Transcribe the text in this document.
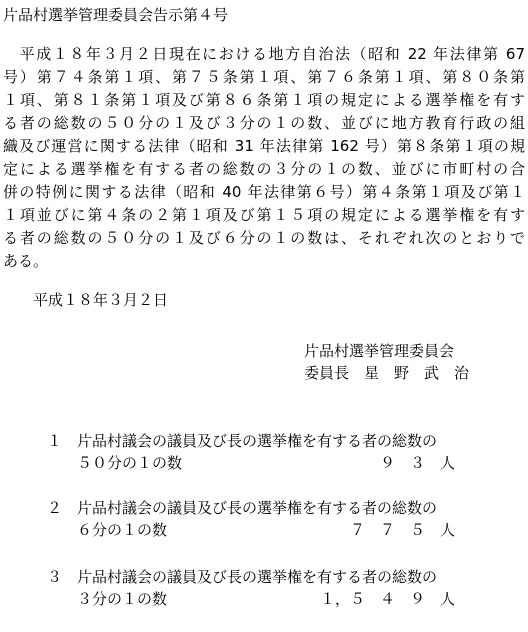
片品村選挙管理委員会告示第４号
　平成１８年３月２日現在における地方自治法（昭和 22 年法律第 67
号）第７４条第１項、第７５条第１項、第７６条第１項、第８０条第
１項、第８１条第１項及び第８６条第１項の規定による選挙権を有す
る者の総数の５０分の１及び３分の１の数、並びに地方教育行政の組
織及び運営に関する法律（昭和 31 年法律第 162 号）第８条第１項の規
定による選挙権を有する者の総数の３分の１の数、並びに市町村の合
併の特例に関する法律（昭和 40 年法律第６号）第４条第１項及び第１
１項並びに第４条の２第１項及び第１５項の規定による選挙権を有す
る者の総数の５０分の１及び６分の１の数は、それぞれ次のとおりで
ある。
平成１８年３月２日
片品村選挙管理委員会
委員長　星　野　武　治
１ 片品村議会の議員及び長の選挙権を有する者の総数の
５０分の１の数	９　３　人
２ 片品村議会の議員及び長の選挙権を有する者の総数の
６分の１の数	７　７　５　人
３ 片品村議会の議員及び長の選挙権を有する者の総数の
３分の１の数	１，５　４　９　人
